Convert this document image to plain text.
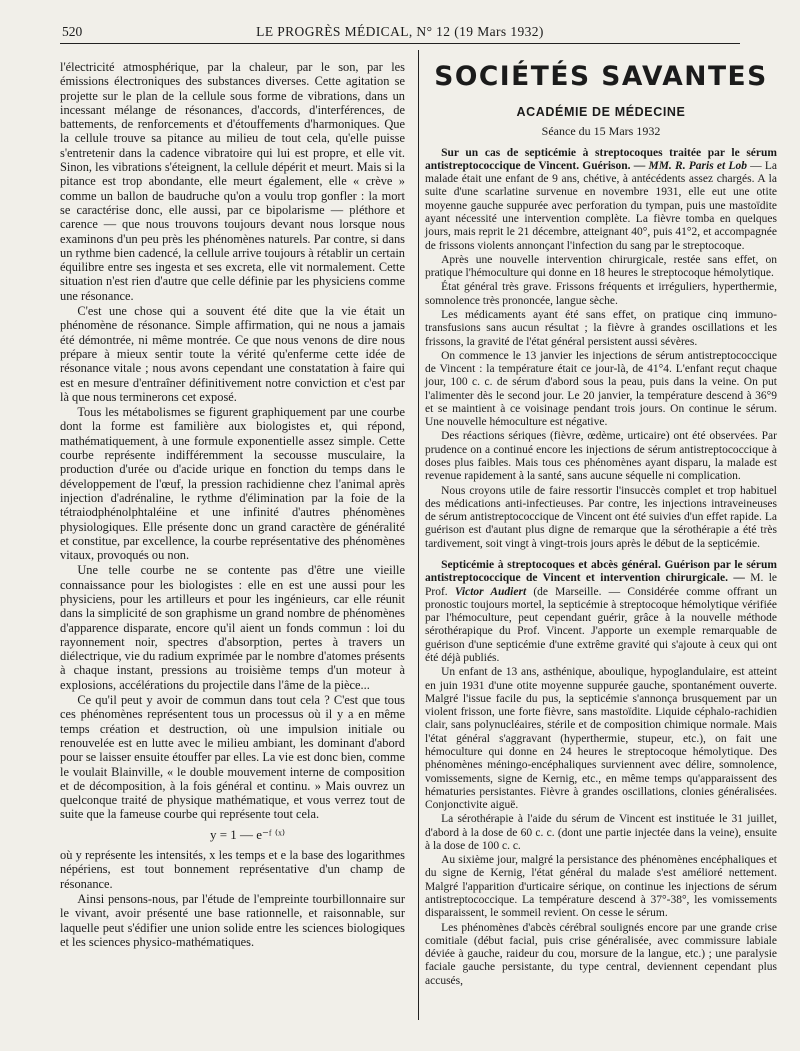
520	LE PROGRÈS MÉDICAL, N° 12 (19 Mars 1932)

l'électricité atmosphérique, par la chaleur, par le son, par les émissions électroniques des substances diverses. Cette agitation se projette sur le plan de la cellule sous forme de vibrations, dans un incessant mélange de résonances, d'accords, d'interférences, de battements, de renforcements et d'étouffements d'harmoniques. Que la cellule trouve sa pitance au milieu de tout cela, qu'elle puisse s'entretenir dans la cadence vibratoire qui lui est propre, et elle vit. Sinon, les vibrations s'éteignent, la cellule dépérit et meurt. Mais si la pitance est trop abondante, elle meurt également, elle « crève » comme un ballon de baudruche qu'on a voulu trop gonfler : la mort se caractérise donc, elle aussi, par ce bipolarisme — pléthore et carence — que nous trouvons toujours devant nous lorsque nous examinons d'un peu près les phénomènes naturels. Par contre, si dans un rythme bien cadencé, la cellule arrive toujours à rétablir un certain équilibre entre ses ingesta et ses excreta, elle vit normalement. Cette situation n'est rien d'autre que celle définie par les physiciens comme une résonance.

C'est une chose qui a souvent été dite que la vie était un phénomène de résonance. Simple affirmation, qui ne nous a jamais été démontrée, ni même montrée. Ce que nous venons de dire nous prépare à mieux sentir toute la vérité qu'enferme cette idée de résonance vitale ; nous avons cependant une constatation à faire qui est en mesure d'entraîner définitivement notre conviction et c'est par là que nous terminerons cet exposé.

Tous les métabolismes se figurent graphiquement par une courbe dont la forme est familière aux biologistes et, qui répond, mathématiquement, à une formule exponentielle assez simple. Cette courbe représente indifféremment la secousse musculaire, la production d'urée ou d'acide urique en fonction du temps dans le développement de l'œuf, la pression rachidienne chez l'animal après injection d'adrénaline, le rythme d'élimination par la foie de la tétraiodphénolphtaléine et une infinité d'autres phénomènes physiologiques. Elle présente donc un grand caractère de généralité et constitue, par excellence, la courbe représentative des phénomènes vitaux, provoqués ou non.

Une telle courbe ne se contente pas d'être une vieille connaissance pour les biologistes : elle en est une aussi pour les physiciens, pour les artilleurs et pour les ingénieurs, car elle réunit dans la simplicité de son graphisme un grand nombre de phénomènes d'apparence disparate, encore qu'il aient un fonds commun : loi du rayonnement noir, spectres d'absorption, pertes à travers un diélectrique, vie du radium exprimée par le nombre d'atomes présents à chaque instant, pressions au troisième temps d'un moteur à explosions, accélérations du projectile dans l'âme de la pièce...

Ce qu'il peut y avoir de commun dans tout cela ? C'est que tous ces phénomènes représentent tous un processus où il y a en même temps création et destruction, où une impulsion initiale ou renouvelée est en lutte avec le milieu ambiant, les dominant d'abord pour se laisser ensuite étouffer par elles. La vie est donc bien, comme le voulait Blainville, « le double mouvement interne de composition et de décomposition, à la fois général et continu. » Mais ouvrez un quelconque traité de physique mathématique, et vous verrez tout de suite que la fameuse courbe qui représente tout cela.

y = 1 — e⁻ᶠ ⁽ˣ⁾

où y représente les intensités, x les temps et e la base des logarithmes népériens, est tout bonnement représentative d'un champ de résonance.

Ainsi pensons-nous, par l'étude de l'empreinte tourbillonnaire sur le vivant, avoir présenté une base rationnelle, et raisonnable, sur laquelle peut s'édifier une union solide entre les sciences biologiques et les sciences physico-mathématiques.

SOCIÉTÉS SAVANTES
ACADÉMIE DE MÉDECINE
Séance du 15 Mars 1932

Sur un cas de septicémie à streptocoques traitée par le sérum antistreptococcique de Vincent. Guérison. — MM. R. Paris et Lob — La malade était une enfant de 9 ans, chétive, à antécédents assez chargés. A la suite d'une scarlatine survenue en novembre 1931, elle eut une otite moyenne gauche suppurée avec perforation du tympan, puis une mastoïdite ayant nécessité une intervention complète. La fièvre tomba en quelques jours, mais reprit le 21 décembre, atteignant 40°, puis 41°2, et accompagnée de frissons violents annonçant l'infection du sang par le streptocoque.

Après une nouvelle intervention chirurgicale, restée sans effet, on pratique l'hémoculture qui donne en 18 heures le streptocoque hémolytique.

État général très grave. Frissons fréquents et irréguliers, hyperthermie, somnolence très prononcée, langue sèche.

Les médicaments ayant été sans effet, on pratique cinq immuno-transfusions sans aucun résultat ; la fièvre à grandes oscillations et les frissons, la gravité de l'état général persistent aussi sévères.

On commence le 13 janvier les injections de sérum antistreptococcique de Vincent : la température était ce jour-là, de 41°4. L'enfant reçut chaque jour, 100 c. c. de sérum d'abord sous la peau, puis dans la veine. On put l'alimenter dès le second jour. Le 20 janvier, la température descend à 36°9 et se maintient à ce voisinage pendant trois jours. On continue le sérum. Une nouvelle hémoculture est négative.

Des réactions sériques (fièvre, œdème, urticaire) ont été observées. Par prudence on a continué encore les injections de sérum antistreptococcique à doses plus faibles. Mais tous ces phénomènes ayant disparu, la malade est revenue rapidement à la santé, sans aucune séquelle ni complication.

Nous croyons utile de faire ressortir l'insuccès complet et trop habituel des médications anti-infectieuses. Par contre, les injections intraveineuses de sérum antistreptococcique de Vincent ont été suivies d'un effet rapide. La guérison est d'autant plus digne de remarque que la sérothérapie a été très tardivement, soit vingt à vingt-trois jours après le début de la septicémie.

Septicémie à streptocoques et abcès général. Guérison par le sérum antistreptococcique de Vincent et intervention chirurgicale. — M. le Prof. Victor Audiert (de Marseille. — Considérée comme offrant un pronostic toujours mortel, la septicémie à streptocoque hémolytique vérifiée par l'hémoculture, peut cependant guérir, grâce à la nouvelle méthode sérothérapique du Prof. Vincent. J'apporte un exemple remarquable de guérison d'une septicémie d'une extrême gravité qui s'ajoute à ceux qui ont été déjà publiés.

Un enfant de 13 ans, asthénique, aboulique, hypoglandulaire, est atteint en juin 1931 d'une otite moyenne suppurée gauche, spontanément ouverte. Malgré l'issue facile du pus, la septicémie s'annonça brusquement par un violent frisson, une forte fièvre, sans mastoïdite. Liquide céphalo-rachidien clair, sans polynucléaires, stérile et de composition chimique normale. Mais l'état général s'aggravant (hyperthermie, stupeur, etc.), on fait une hémoculture qui donne en 24 heures le streptocoque hémolytique. Des phénomènes méningo-encéphaliques surviennent avec délire, somnolence, vomissements, signe de Kernig, etc., en même temps qu'apparaissent des hématuries persistantes. Fièvre à grandes oscillations, clonies généralisées. Conjonctivite aiguë.

La sérothérapie à l'aide du sérum de Vincent est instituée le 31 juillet, d'abord à la dose de 60 c. c. (dont une partie injectée dans la veine), ensuite à la dose de 100 c. c.

Au sixième jour, malgré la persistance des phénomènes encéphaliques et du signe de Kernig, l'état général du malade s'est amélioré nettement. Malgré l'apparition d'urticaire sérique, on continue les injections de sérum antistreptococcique. La température descend à 37°-38°, les vomissements disparaissent, le sommeil revient. On cesse le sérum.

Les phénomènes d'abcès cérébral soulignés encore par une grande crise comitiale (début facial, puis crise généralisée, avec commissure labiale déviée à gauche, raideur du cou, morsure de la langue, etc.) ; une paralysie faciale gauche persistante, du type central, deviennent cependant plus accusés,
